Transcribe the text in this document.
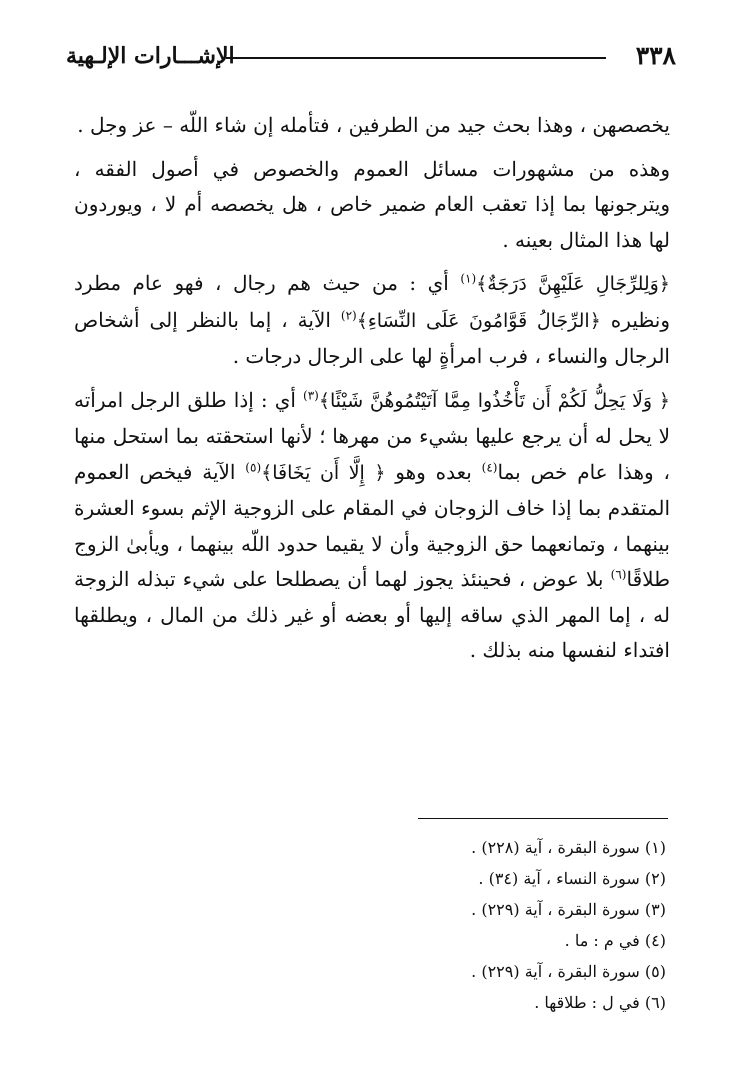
٣٣٨
الإشـــارات الإلـهية

يخصصهن ، وهذا بحث جيد من الطرفين ، فتأمله إن شاء اللّه – عز وجل .

وهذه من مشهورات مسائل العموم والخصوص في أصول الفقه ، ويترجونها بما إذا تعقب العام ضمير خاص ، هل يخصصه أم لا ، ويوردون لها هذا المثال بعينه .

﴿وَلِلرِّجَالِ عَلَيْهِنَّ دَرَجَةٌ﴾$^{(١)}$ أي : من حيث هم رجال ، فهو عام مطرد ونظيره ﴿الرِّجَالُ قَوَّامُونَ عَلَى النِّسَاءِ﴾$^{(٢)}$ الآية ، إما بالنظر إلى أشخاص الرجال والنساء ، فرب امرأةٍ لها على الرجال درجات .

﴿ وَلَا يَحِلُّ لَكُمْ أَن تَأْخُذُوا مِمَّا آتَيْتُمُوهُنَّ شَيْئًا﴾$^{(٣)}$ أي : إذا طلق الرجل امرأته لا يحل له أن يرجع عليها بشيء من مهرها ؛ لأنها استحقته بما استحل منها ، وهذا عام خص بما$^{(٤)}$ بعده وهو ﴿ إِلَّا أَن يَخَافَا﴾$^{(٥)}$ الآية فيخص العموم المتقدم بما إذا خاف الزوجان في المقام على الزوجية الإثم بسوء العشرة بينهما ، وتمانعهما حق الزوجية وأن لا يقيما حدود اللّه بينهما ، ويأبىٰ الزوج طلاقًا$^{(٦)}$ بلا عوض ، فحينئذ يجوز لهما أن يصطلحا على شيء تبذله الزوجة له ، إما المهر الذي ساقه إليها أو بعضه أو غير ذلك من المال ، ويطلقها افتداء لنفسها منه بذلك .

(١) سورة البقرة ، آية (٢٢٨) .
(٢) سورة النساء ، آية (٣٤) .
(٣) سورة البقرة ، آية (٢٢٩) .
(٤) في م : ما .
(٥) سورة البقرة ، آية (٢٢٩) .
(٦) في ل : طلاقها .
